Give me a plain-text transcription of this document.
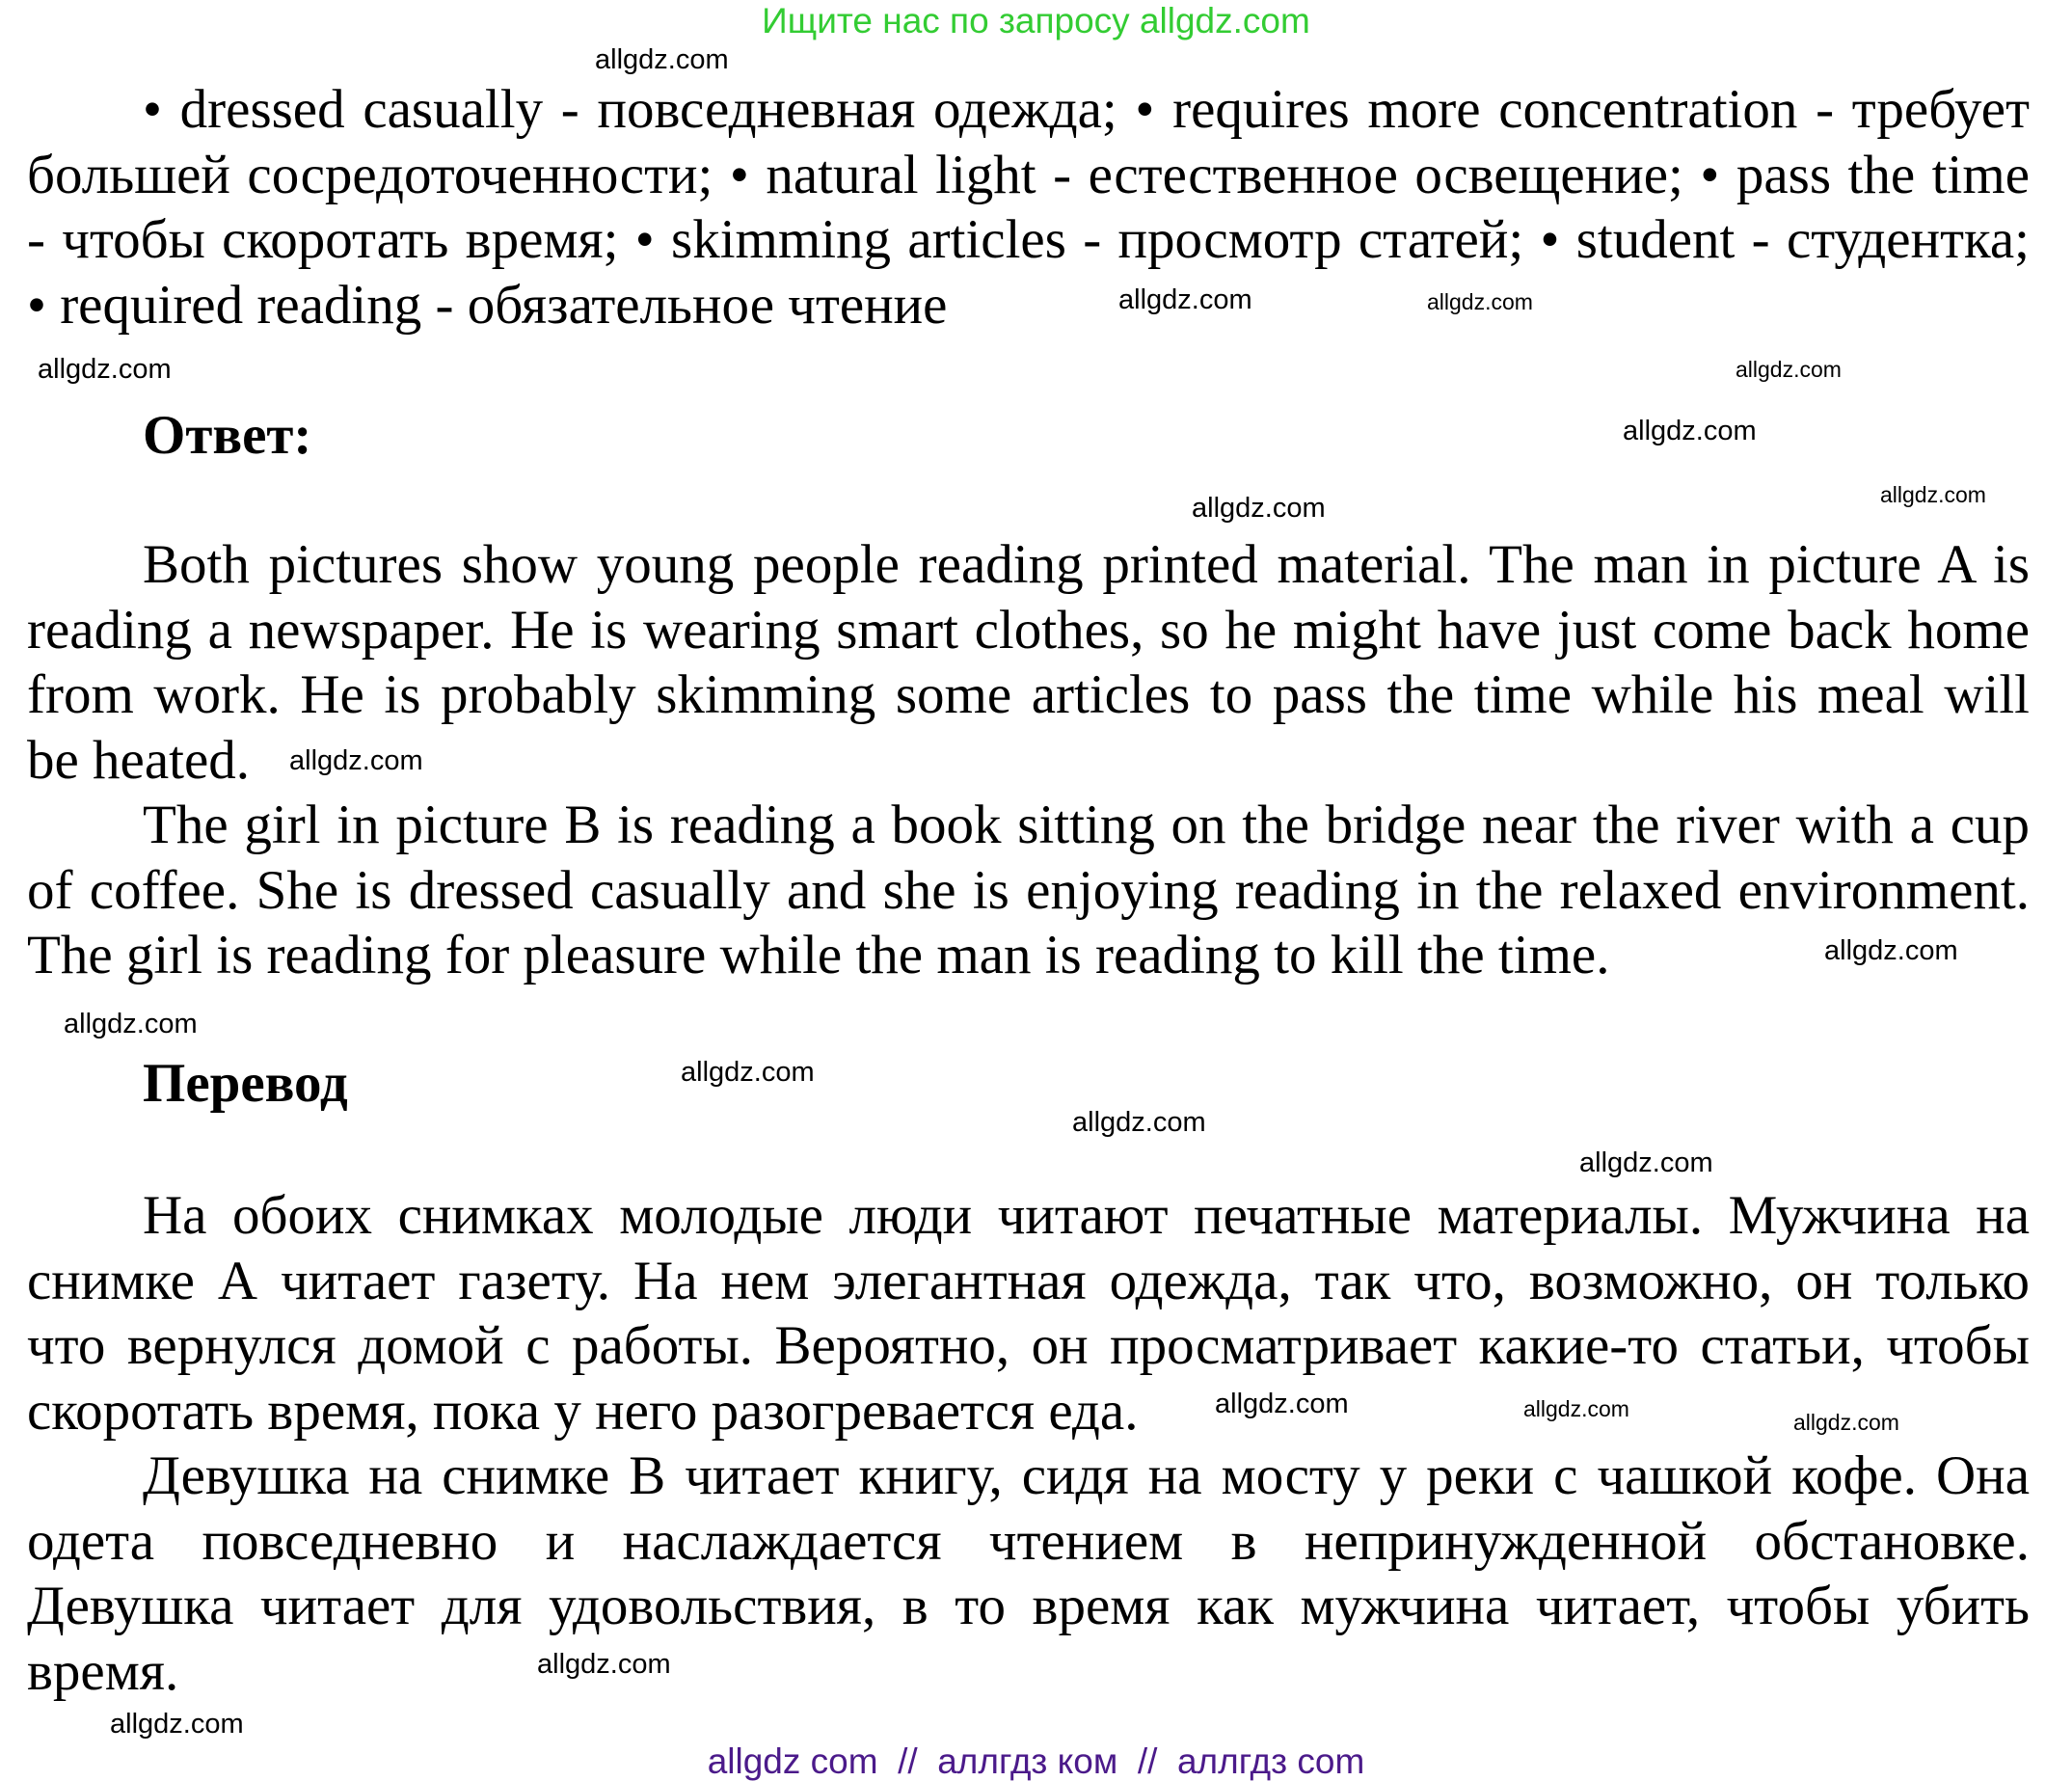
Ищите нас по запросу allgdz.com
• dressed casually - повседневная одежда; • requires more concentration - требует
большей сосредоточенности; • natural light - естественное освещение; • pass the time
- чтобы скоротать время; • skimming articles - просмотр статей; • student - студентка;
• required reading - обязательное чтение
Ответ:
Both pictures show young people reading printed material. The man in picture A is
reading a newspaper. He is wearing smart clothes, so he might have just come back home
from work. He is probably skimming some articles to pass the time while his meal will
be heated.
The girl in picture B is reading a book sitting on the bridge near the river with a cup
of coffee. She is dressed casually and she is enjoying reading in the relaxed environment.
The girl is reading for pleasure while the man is reading to kill the time.
Перевод
На обоих снимках молодые люди читают печатные материалы. Мужчина на
снимке А читает газету. На нем элегантная одежда, так что, возможно, он только
что вернулся домой с работы. Вероятно, он просматривает какие-то статьи, чтобы
скоротать время, пока у него разогревается еда.
Девушка на снимке В читает книгу, сидя на мосту у реки с чашкой кофе. Она
одета повседневно и наслаждается чтением в непринужденной обстановке.
Девушка читает для удовольствия, в то время как мужчина читает, чтобы убить
время.
allgdz.com
allgdz.com
allgdz.com
allgdz.com
allgdz.com
allgdz.com
allgdz.com	allgdz.com
allgdz.com
allgdz.com
allgdz.com
allgdz.com
allgdz.com
allgdz.com
allgdz.com	allgdz.com
allgdz.com
allgdz.com
allgdz.com
allgdz com  //  аллгдз ком  //  аллгдз com
